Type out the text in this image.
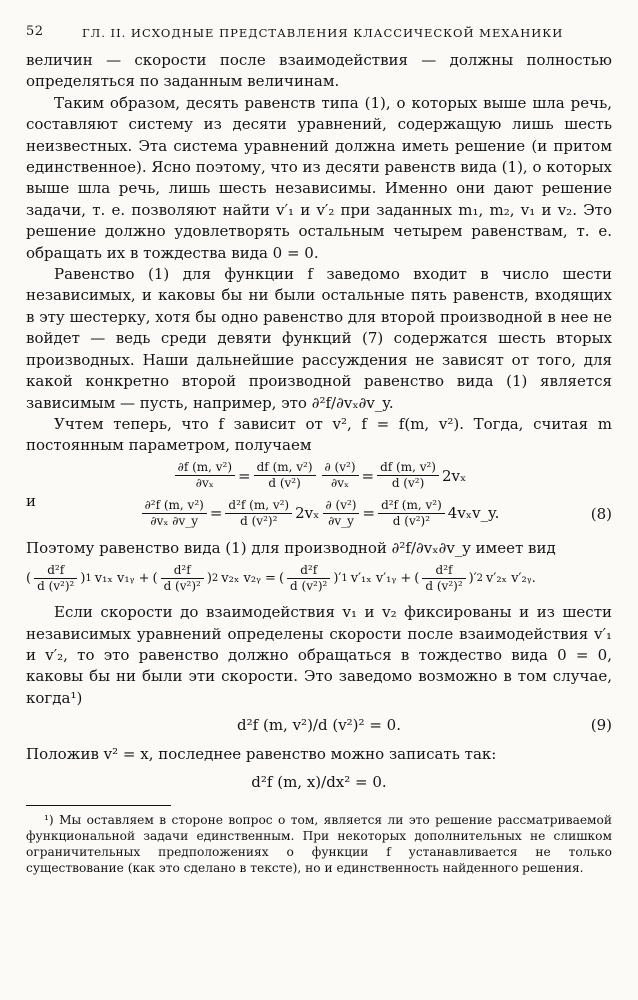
52	ГЛ. II. ИСХОДНЫЕ ПРЕДСТАВЛЕНИЯ КЛАССИЧЕСКОЙ МЕХАНИКИ

величин — скорости после взаимодействия — должны полностью определяться по заданным величинам.

Таким образом, десять равенств типа (1), о которых выше шла речь, составляют систему из десяти уравнений, содержащую лишь шесть неизвестных. Эта система уравнений должна иметь решение (и притом единственное). Ясно поэтому, что из десяти равенств вида (1), о которых выше шла речь, лишь шесть независимы. Именно они дают решение задачи, т. е. позволяют найти v′₁ и v′₂ при заданных m₁, m₂, v₁ и v₂. Это решение должно удовлетворять остальным четырем равенствам, т. е. обращать их в тождества вида 0 = 0.

Равенство (1) для функции f заведомо входит в число шести независимых, и каковы бы ни были остальные пять равенств, входящих в эту шестерку, хотя бы одно равенство для второй производной в нее не войдет — ведь среди девяти функций (7) содержатся шесть вторых производных. Наши дальнейшие рассуждения не зависят от того, для какой конкретно второй производной равенство вида (1) является зависимым — пусть, например, это ∂²f/∂vₓ∂v_y.

Учтем теперь, что f зависит от v², f = f(m, v²). Тогда, считая m постоянным параметром, получаем

$\frac{\text{∂f (m, v²)}}{\text{∂vₓ}} = \frac{\text{df (m, v²)}}{\text{d (v²)}} \frac{\text{∂ (v²)}}{\text{∂vₓ}} = \frac{\text{df (m, v²)}}{\text{d (v²)}} 2v_x$
и	$\frac{\text{∂²f (m, v²)}}{\text{∂vₓ ∂v\_y}} = \frac{\text{d²f (m, v²)}}{\text{d (v²)²}} 2v_x \frac{\text{∂ (v²)}}{\partial v\_y} = \frac{\text{d²f (m, v²)}}{\text{d (v²)²}}$ 4vₓv_y.	(8)

Поэтому равенство вида (1) для производной ∂²f/∂vₓ∂v_y имеет вид

( $\frac{\text{d²f}}{\text{d (v²)²}}$ ) 1 v₁ₓ v₁ᵧ + ( $\frac{\text{d²f}}{\text{d (v²)²}}$ ) 2 v₂ₓ v₂ᵧ = ( $\frac{\text{d²f}}{\text{d (v²)²}}$ )′ 1 v′₁ₓ v′₁ᵧ + ( $\frac{\text{d²f}}{\text{d (v²)²}}$ )′ 2 v′₂ₓ v′₂ᵧ.

Если скорости до взаимодействия v₁ и v₂ фиксированы и из шести независимых уравнений определены скорости после взаимодействия v′₁ и v′₂, то это равенство должно обращаться в тождество вида 0 = 0, каковы бы ни были эти скорости. Это заведомо возможно в том случае, когда¹)

d²f (m, v²)/d (v²)² = 0.	(9)

Положив v² = x, последнее равенство можно записать так:

d²f (m, x)/dx² = 0.

¹) Мы оставляем в стороне вопрос о том, является ли это решение рассматриваемой функциональной задачи единственным. При некоторых дополнительных не слишком ограничительных предположениях о функции f устанавливается не только существование (как это сделано в тексте), но и единственность найденного решения.
